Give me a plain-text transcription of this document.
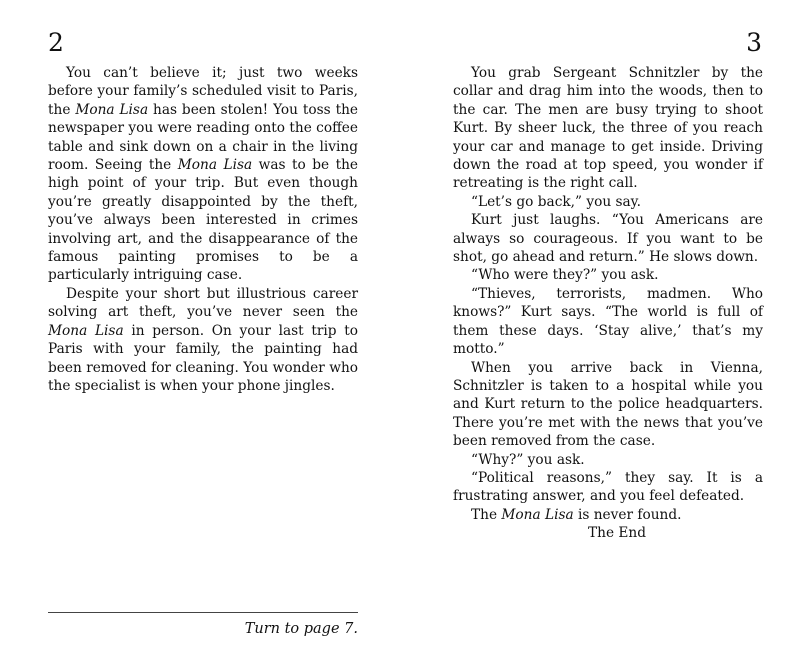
2	3

You can’t believe it; just two weeks before your family’s scheduled visit to Paris, the Mona Lisa has been stolen! You toss the newspaper you were reading onto the coffee table and sink down on a chair in the living room. Seeing the Mona Lisa was to be the high point of your trip. But even though you’re greatly disappointed by the theft, you’ve always been interested in crimes involving art, and the disappearance of the famous painting promises to be a particularly intriguing case.

Despite your short but illustrious career solving art theft, you’ve never seen the Mona Lisa in person. On your last trip to Paris with your family, the painting had been removed for cleaning. You wonder who the specialist is when your phone jingles.

You grab Sergeant Schnitzler by the collar and drag him into the woods, then to the car. The men are busy trying to shoot Kurt. By sheer luck, the three of you reach your car and manage to get inside. Driving down the road at top speed, you wonder if retreating is the right call.

“Let’s go back,” you say.

Kurt just laughs. “You Americans are always so courageous. If you want to be shot, go ahead and return.” He slows down.

“Who were they?” you ask.

“Thieves, terrorists, madmen. Who knows?” Kurt says. “The world is full of them these days. ‘Stay alive,’ that’s my motto.”

When you arrive back in Vienna, Schnitzler is taken to a hospital while you and Kurt return to the police headquarters. There you’re met with the news that you’ve been removed from the case.

“Why?” you ask.

“Political reasons,” they say. It is a frustrating answer, and you feel defeated.

The Mona Lisa is never found.

The End

Turn to page 7.
